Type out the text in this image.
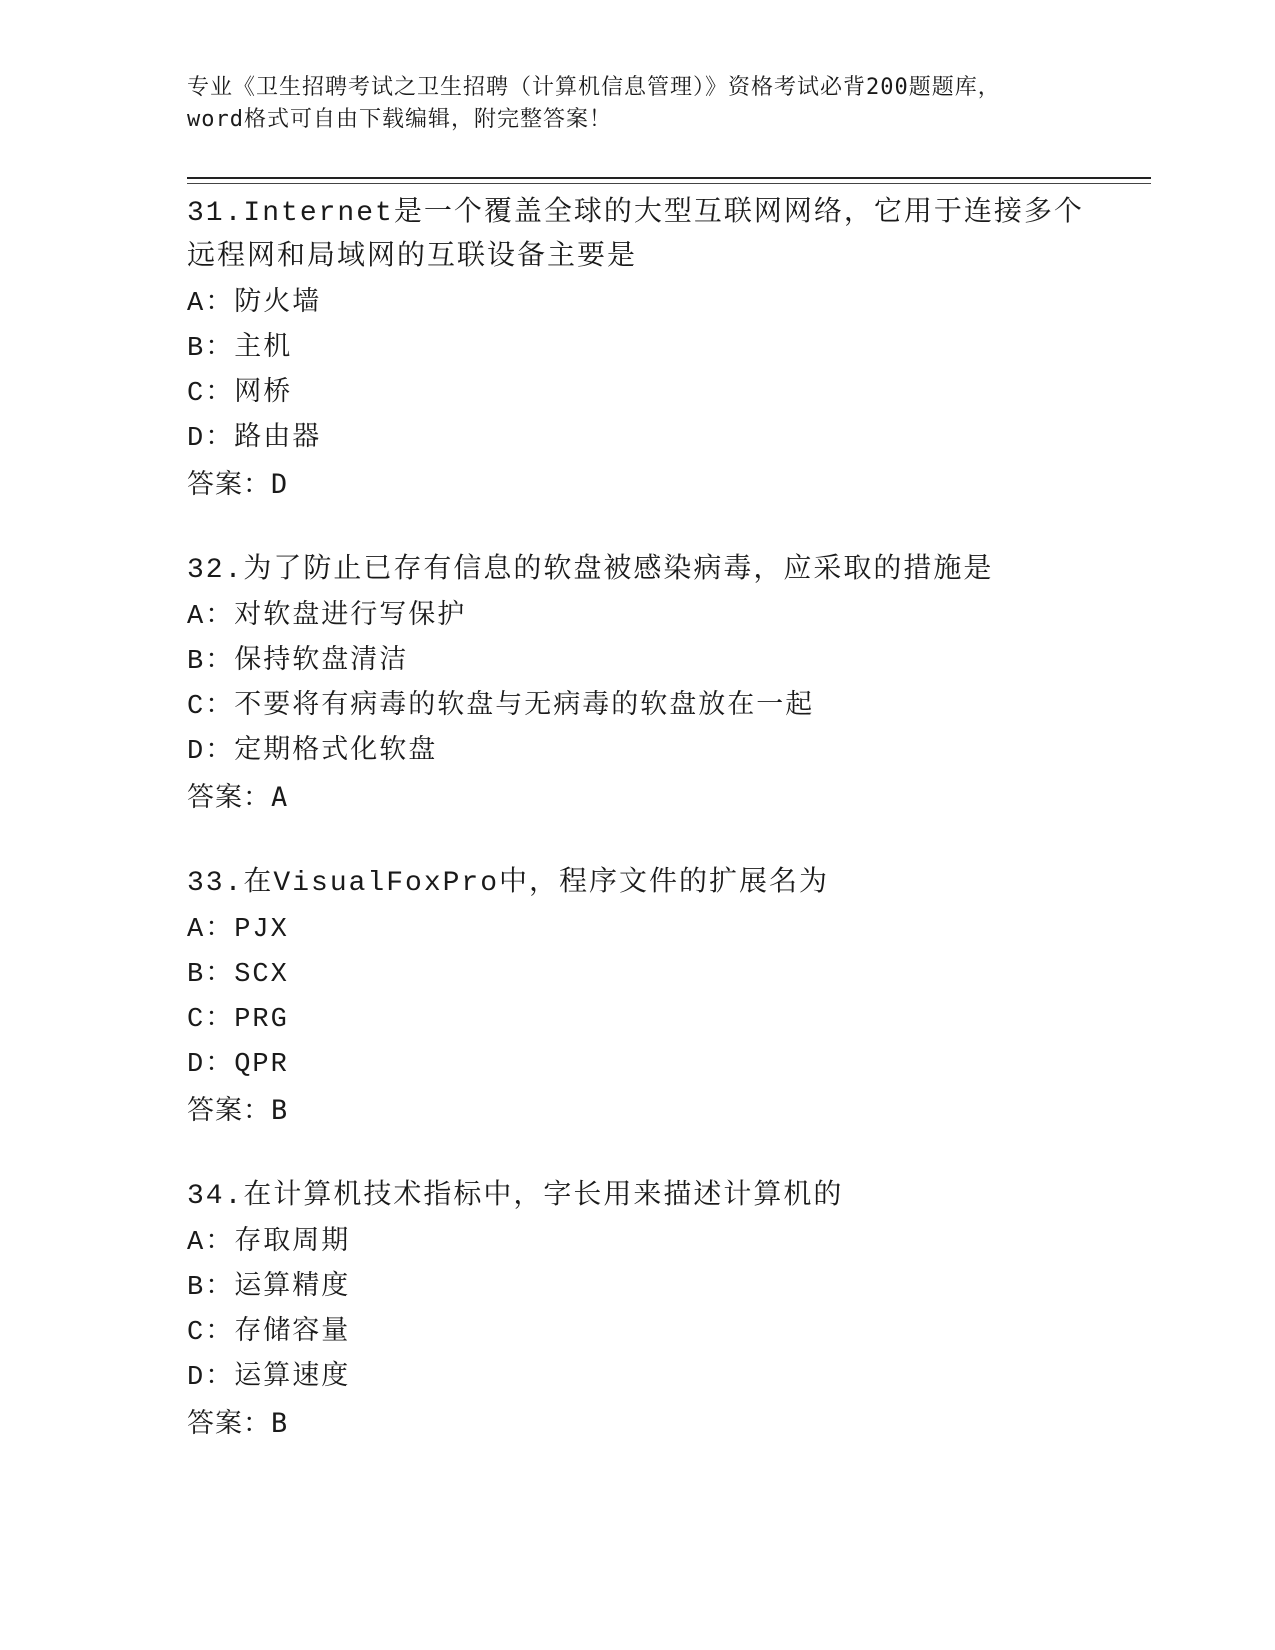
专业《卫生招聘考试之卫生招聘（计算机信息管理）》资格考试必背200题题库，
word格式可自由下载编辑，附完整答案！
31.Internet是一个覆盖全球的大型互联网网络，它用于连接多个远程网和局域网的互联设备主要是
A：防火墙
B：主机
C：网桥
D：路由器
答案：D
32.为了防止已存有信息的软盘被感染病毒，应采取的措施是
A：对软盘进行写保护
B：保持软盘清洁
C：不要将有病毒的软盘与无病毒的软盘放在一起
D：定期格式化软盘
答案：A
33.在VisualFoxPro中，程序文件的扩展名为
A：PJX
B：SCX
C：PRG
D：QPR
答案：B
34.在计算机技术指标中，字长用来描述计算机的
A：存取周期
B：运算精度
C：存储容量
D：运算速度
答案：B
